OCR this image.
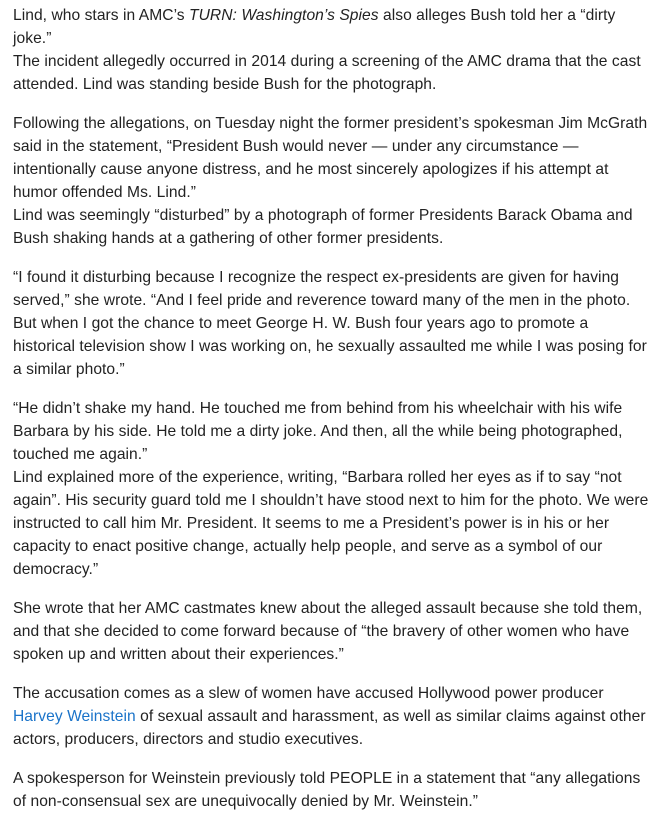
Lind, who stars in AMC’s TURN: Washington’s Spies also alleges Bush told her a “dirty joke.”

The incident allegedly occurred in 2014 during a screening of the AMC drama that the cast attended. Lind was standing beside Bush for the photograph.

Following the allegations, on Tuesday night the former president’s spokesman Jim McGrath said in the statement, “President Bush would never — under any circumstance — intentionally cause anyone distress, and he most sincerely apologizes if his attempt at humor offended Ms. Lind.”

Lind was seemingly “disturbed” by a photograph of former Presidents Barack Obama and Bush shaking hands at a gathering of other former presidents.

“I found it disturbing because I recognize the respect ex-presidents are given for having served,” she wrote. “And I feel pride and reverence toward many of the men in the photo. But when I got the chance to meet George H. W. Bush four years ago to promote a historical television show I was working on, he sexually assaulted me while I was posing for a similar photo.”

“He didn’t shake my hand. He touched me from behind from his wheelchair with his wife Barbara by his side. He told me a dirty joke. And then, all the while being photographed, touched me again.”

Lind explained more of the experience, writing, “Barbara rolled her eyes as if to say “not again”. His security guard told me I shouldn’t have stood next to him for the photo. We were instructed to call him Mr. President. It seems to me a President’s power is in his or her capacity to enact positive change, actually help people, and serve as a symbol of our democracy.”

She wrote that her AMC castmates knew about the alleged assault because she told them, and that she decided to come forward because of “the bravery of other women who have spoken up and written about their experiences.”

The accusation comes as a slew of women have accused Hollywood power producer Harvey Weinstein of sexual assault and harassment, as well as similar claims against other actors, producers, directors and studio executives.

A spokesperson for Weinstein previously told PEOPLE in a statement that “any allegations of non-consensual sex are unequivocally denied by Mr. Weinstein.”
